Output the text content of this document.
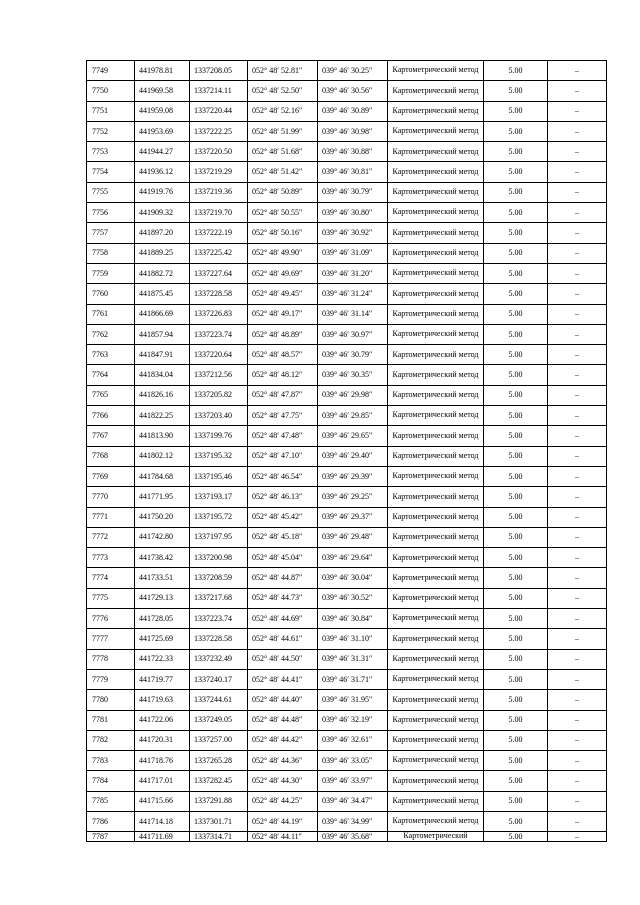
7749	441978.81	1337208.05	052° 48′ 52.81″	039° 46′ 30.25″	Картометрический метод	5.00	–
7750	441969.58	1337214.11	052° 48′ 52.50″	039° 46′ 30.56″	Картометрический метод	5.00	–
7751	441959.08	1337220.44	052° 48′ 52.16″	039° 46′ 30.89″	Картометрический метод	5.00	–
7752	441953.69	1337222.25	052° 48′ 51.99″	039° 46′ 30.98″	Картометрический метод	5.00	–
7753	441944.27	1337220.50	052° 48′ 51.68″	039° 46′ 30.88″	Картометрический метод	5.00	–
7754	441936.12	1337219.29	052° 48′ 51.42″	039° 46′ 30.81″	Картометрический метод	5.00	–
7755	441919.76	1337219.36	052° 48′ 50.89″	039° 46′ 30.79″	Картометрический метод	5.00	–
7756	441909.32	1337219.70	052° 48′ 50.55″	039° 46′ 30.80″	Картометрический метод	5.00	–
7757	441897.20	1337222.19	052° 48′ 50.16″	039° 46′ 30.92″	Картометрический метод	5.00	–
7758	441889.25	1337225.42	052° 48′ 49.90″	039° 46′ 31.09″	Картометрический метод	5.00	–
7759	441882.72	1337227.64	052° 48′ 49.69″	039° 46′ 31.20″	Картометрический метод	5.00	–
7760	441875.45	1337228.58	052° 48′ 49.45″	039° 46′ 31.24″	Картометрический метод	5.00	–
7761	441866.69	1337226.83	052° 48′ 49.17″	039° 46′ 31.14″	Картометрический метод	5.00	–
7762	441857.94	1337223.74	052° 48′ 48.89″	039° 46′ 30.97″	Картометрический метод	5.00	–
7763	441847.91	1337220.64	052° 48′ 48.57″	039° 46′ 30.79″	Картометрический метод	5.00	–
7764	441834.04	1337212.56	052° 48′ 48.12″	039° 46′ 30.35″	Картометрический метод	5.00	–
7765	441826.16	1337205.82	052° 48′ 47.87″	039° 46′ 29.98″	Картометрический метод	5.00	–
7766	441822.25	1337203.40	052° 48′ 47.75″	039° 46′ 29.85″	Картометрический метод	5.00	–
7767	441813.90	1337199.76	052° 48′ 47.48″	039° 46′ 29.65″	Картометрический метод	5.00	–
7768	441802.12	1337195.32	052° 48′ 47.10″	039° 46′ 29.40″	Картометрический метод	5.00	–
7769	441784.68	1337195.46	052° 48′ 46.54″	039° 46′ 29.39″	Картометрический метод	5.00	–
7770	441771.95	1337193.17	052° 48′ 46.13″	039° 46′ 29.25″	Картометрический метод	5.00	–
7771	441750.20	1337195.72	052° 48′ 45.42″	039° 46′ 29.37″	Картометрический метод	5.00	–
7772	441742.80	1337197.95	052° 48′ 45.18″	039° 46′ 29.48″	Картометрический метод	5.00	–
7773	441738.42	1337200.98	052° 48′ 45.04″	039° 46′ 29.64″	Картометрический метод	5.00	–
7774	441733.51	1337208.59	052° 48′ 44.87″	039° 46′ 30.04″	Картометрический метод	5.00	–
7775	441729.13	1337217.68	052° 48′ 44.73″	039° 46′ 30.52″	Картометрический метод	5.00	–
7776	441728.05	1337223.74	052° 48′ 44.69″	039° 46′ 30.84″	Картометрический метод	5.00	–
7777	441725.69	1337228.58	052° 48′ 44.61″	039° 46′ 31.10″	Картометрический метод	5.00	–
7778	441722.33	1337232.49	052° 48′ 44.50″	039° 46′ 31.31″	Картометрический метод	5.00	–
7779	441719.77	1337240.17	052° 48′ 44.41″	039° 46′ 31.71″	Картометрический метод	5.00	–
7780	441719.63	1337244.61	052° 48′ 44.40″	039° 46′ 31.95″	Картометрический метод	5.00	–
7781	441722.06	1337249.05	052° 48′ 44.48″	039° 46′ 32.19″	Картометрический метод	5.00	–
7782	441720.31	1337257.00	052° 48′ 44.42″	039° 46′ 32.61″	Картометрический метод	5.00	–
7783	441718.76	1337265.28	052° 48′ 44.36″	039° 46′ 33.05″	Картометрический метод	5.00	–
7784	441717.01	1337282.45	052° 48′ 44.30″	039° 46′ 33.97″	Картометрический метод	5.00	–
7785	441715.66	1337291.88	052° 48′ 44.25″	039° 46′ 34.47″	Картометрический метод	5.00	–
7786	441714.18	1337301.71	052° 48′ 44.19″	039° 46′ 34.99″	Картометрический метод	5.00	–
7787	441711.69	1337314.71	052° 48′ 44.11″	039° 46′ 35.68″	Картометрический	5.00	–
